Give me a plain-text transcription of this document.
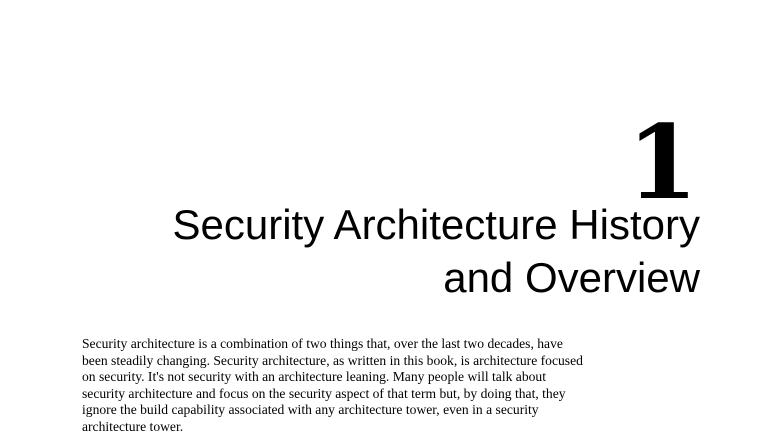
1
Security Architecture History
and Overview

Security architecture is a combination of two things that, over the last two decades, have
been steadily changing. Security architecture, as written in this book, is architecture focused
on security. It's not security with an architecture leaning. Many people will talk about
security architecture and focus on the security aspect of that term but, by doing that, they
ignore the build capability associated with any architecture tower, even in a security
architecture tower.
